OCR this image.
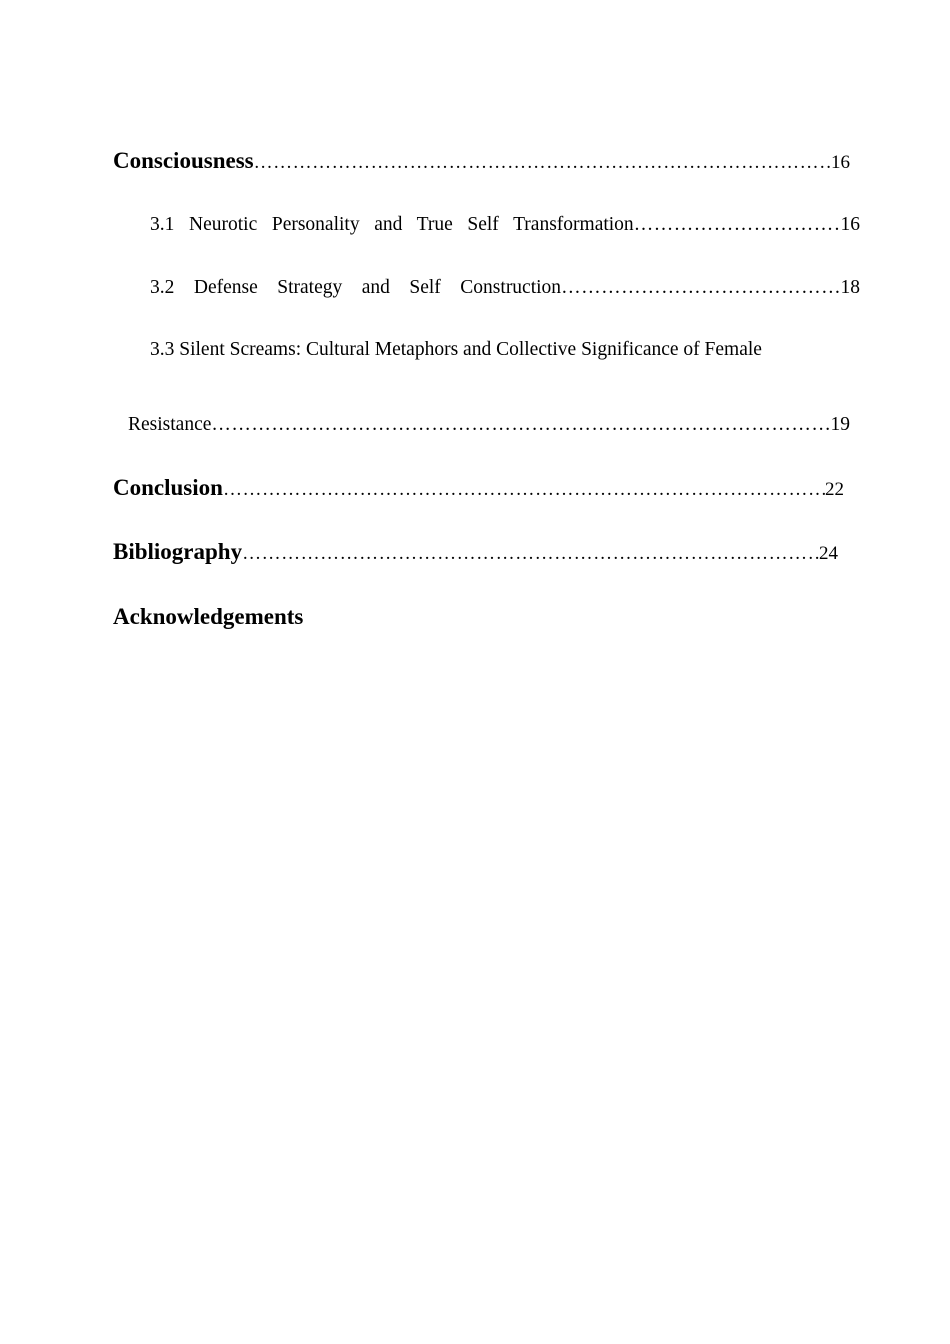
Consciousness ……………………………………………………………………………………………………………………………………………………………………………………………………	16
3.1   Neurotic   Personality   and   True   Self   Transformation ……………………………………………………………………………………………………………………………………………………………………………………………………	16
3.2    Defense    Strategy    and    Self    Construction ……………………………………………………………………………………………………………………………………………………………………………………………………	18
3.3 Silent Screams: Cultural Metaphors and Collective Significance of Female
Resistance ……………………………………………………………………………………………………………………………………………………………………………………………………	19
Conclusion ……………………………………………………………………………………………………………………………………………………………………………………………………	22
Bibliography ……………………………………………………………………………………………………………………………………………………………………………………………………	24
Acknowledgements
